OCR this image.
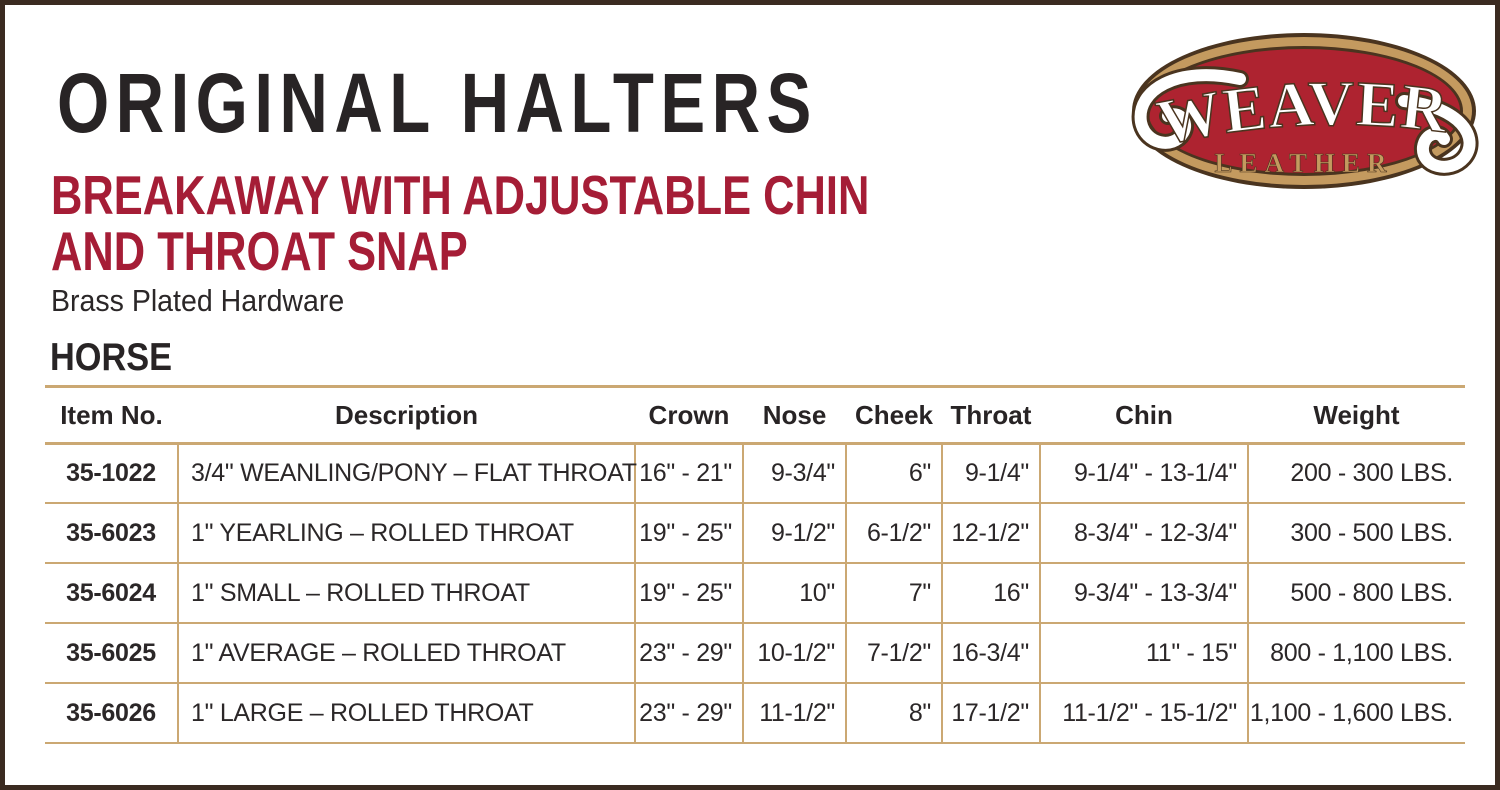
ORIGINAL HALTERS	WEAVER
LEATHER
BREAKAWAY WITH ADJUSTABLE CHIN
AND THROAT SNAP
Brass Plated Hardware
HORSE
Item No.	Description	Crown	Nose	Cheek	Throat	Chin	Weight
35-1022	3/4" WEANLING/PONY – FLAT THROAT	16" - 21"	9-3/4"	6"	9-1/4"	9-1/4" - 13-1/4"	200 - 300 LBS.
35-6023	1" YEARLING – ROLLED THROAT	19" - 25"	9-1/2"	6-1/2"	12-1/2"	8-3/4" - 12-3/4"	300 - 500 LBS.
35-6024	1" SMALL – ROLLED THROAT	19" - 25"	10"	7"	16"	9-3/4" - 13-3/4"	500 - 800 LBS.
35-6025	1" AVERAGE – ROLLED THROAT	23" - 29"	10-1/2"	7-1/2"	16-3/4"	11" - 15"	800 - 1,100 LBS.
35-6026	1" LARGE – ROLLED THROAT	23" - 29"	11-1/2"	8"	17-1/2"	11-1/2" - 15-1/2"	1,100 - 1,600 LBS.
